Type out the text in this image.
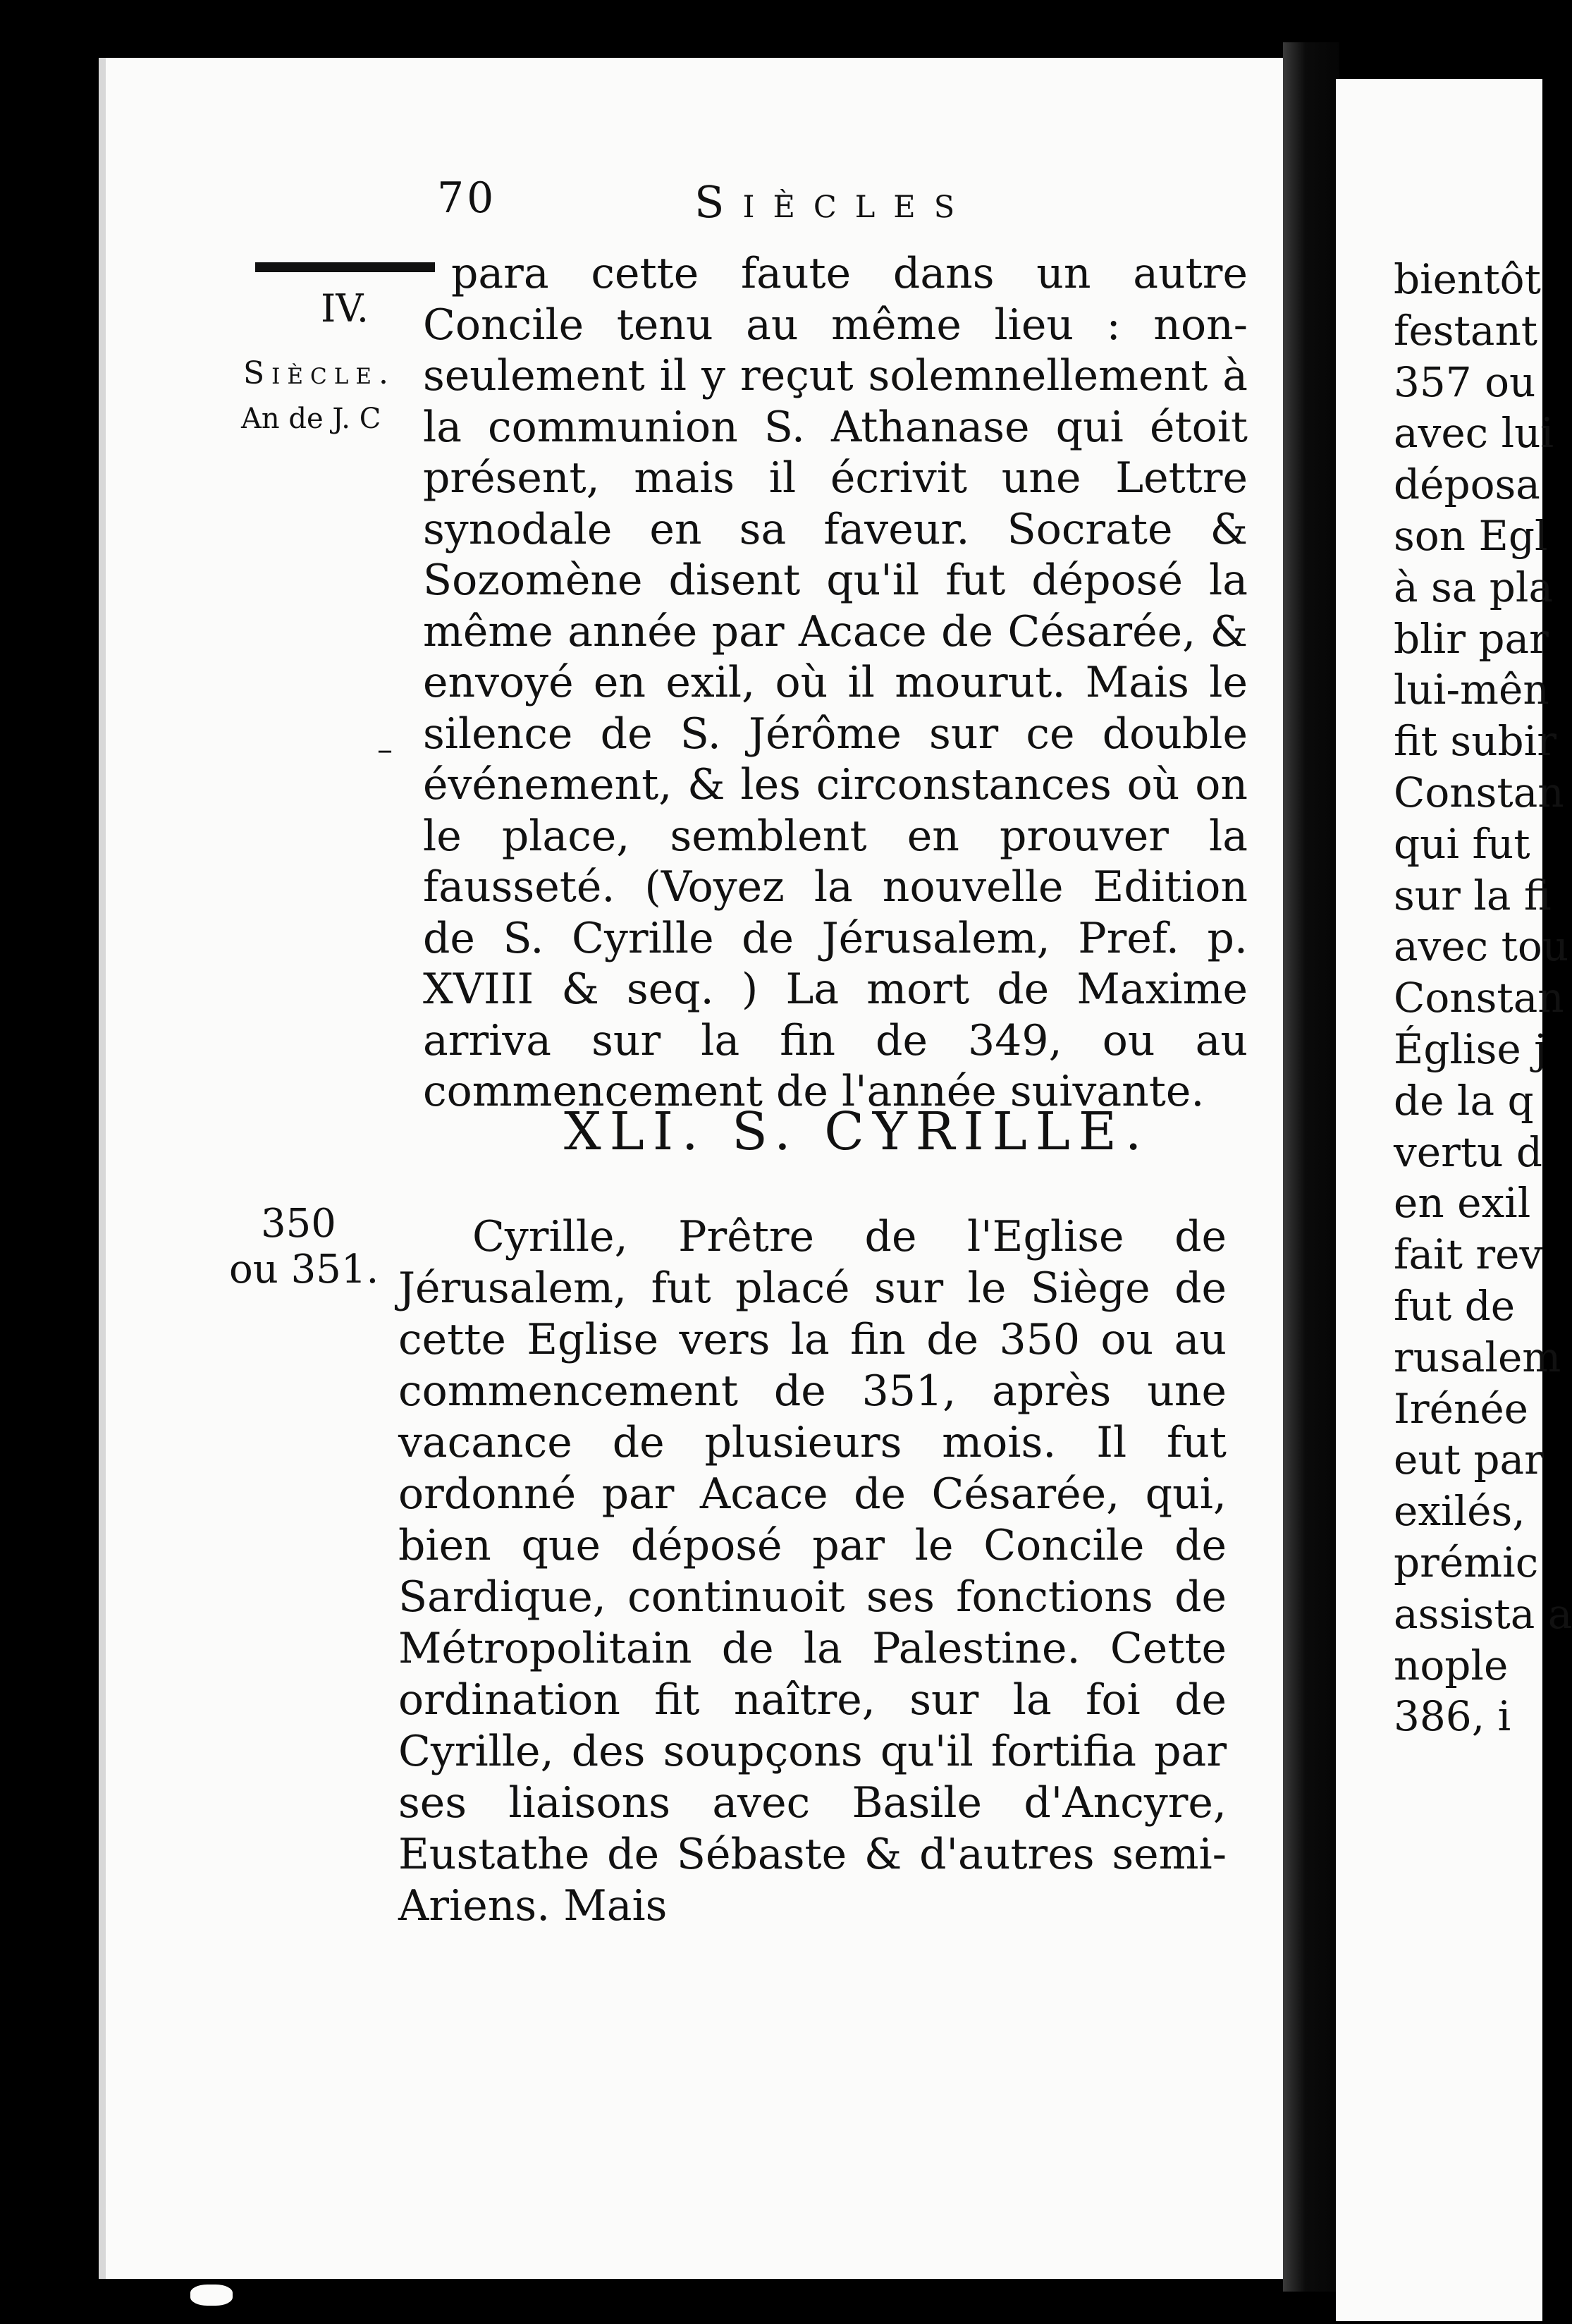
bientôt
festant
357 ou
avec lui
déposa
son Egl
à sa pla
blir par
lui-mên
fit subir
Constan
qui fut
sur la fi
avec tou
Constan
Église j
de la q
vertu d
en exil
fait rev
fut de
rusalem
Irénée
eut par
exilés,
prémic
assista a
nople
386, i
70	Siècles
IV.
Siècle.
An de J. C
–
350
ou 351.

para cette faute dans un autre Concile tenu au même lieu : non-seulement il y reçut solemnellement à la communion S. Athanase qui étoit présent, mais il écrivit une Lettre synodale en sa faveur. Socrate & Sozomène disent qu'il fut déposé la même année par Acace de Césarée, & envoyé en exil, où il mourut. Mais le silence de S. Jérôme sur ce double événement, & les circonstances où on le place, semblent en prouver la fausseté. (Voyez la nouvelle Edition de S. Cyrille de Jérusalem, Pref. p. XVIII & seq. ) La mort de Maxime arriva sur la fin de 349, ou au commencement de l'année suivante.

XLI. S. CYRILLE.

Cyrille, Prêtre de l'Eglise de Jérusalem, fut placé sur le Siège de cette Eglise vers la fin de 350 ou au commencement de 351, après une vacance de plusieurs mois. Il fut ordonné par Acace de Césarée, qui, bien que déposé par le Concile de Sardique, continuoit ses fonctions de Métropolitain de la Palestine. Cette ordination fit naître, sur la foi de Cyrille, des soupçons qu'il fortifia par ses liaisons avec Basile d'Ancyre, Eustathe de Sébaste & d'autres semi-Ariens. Mais
